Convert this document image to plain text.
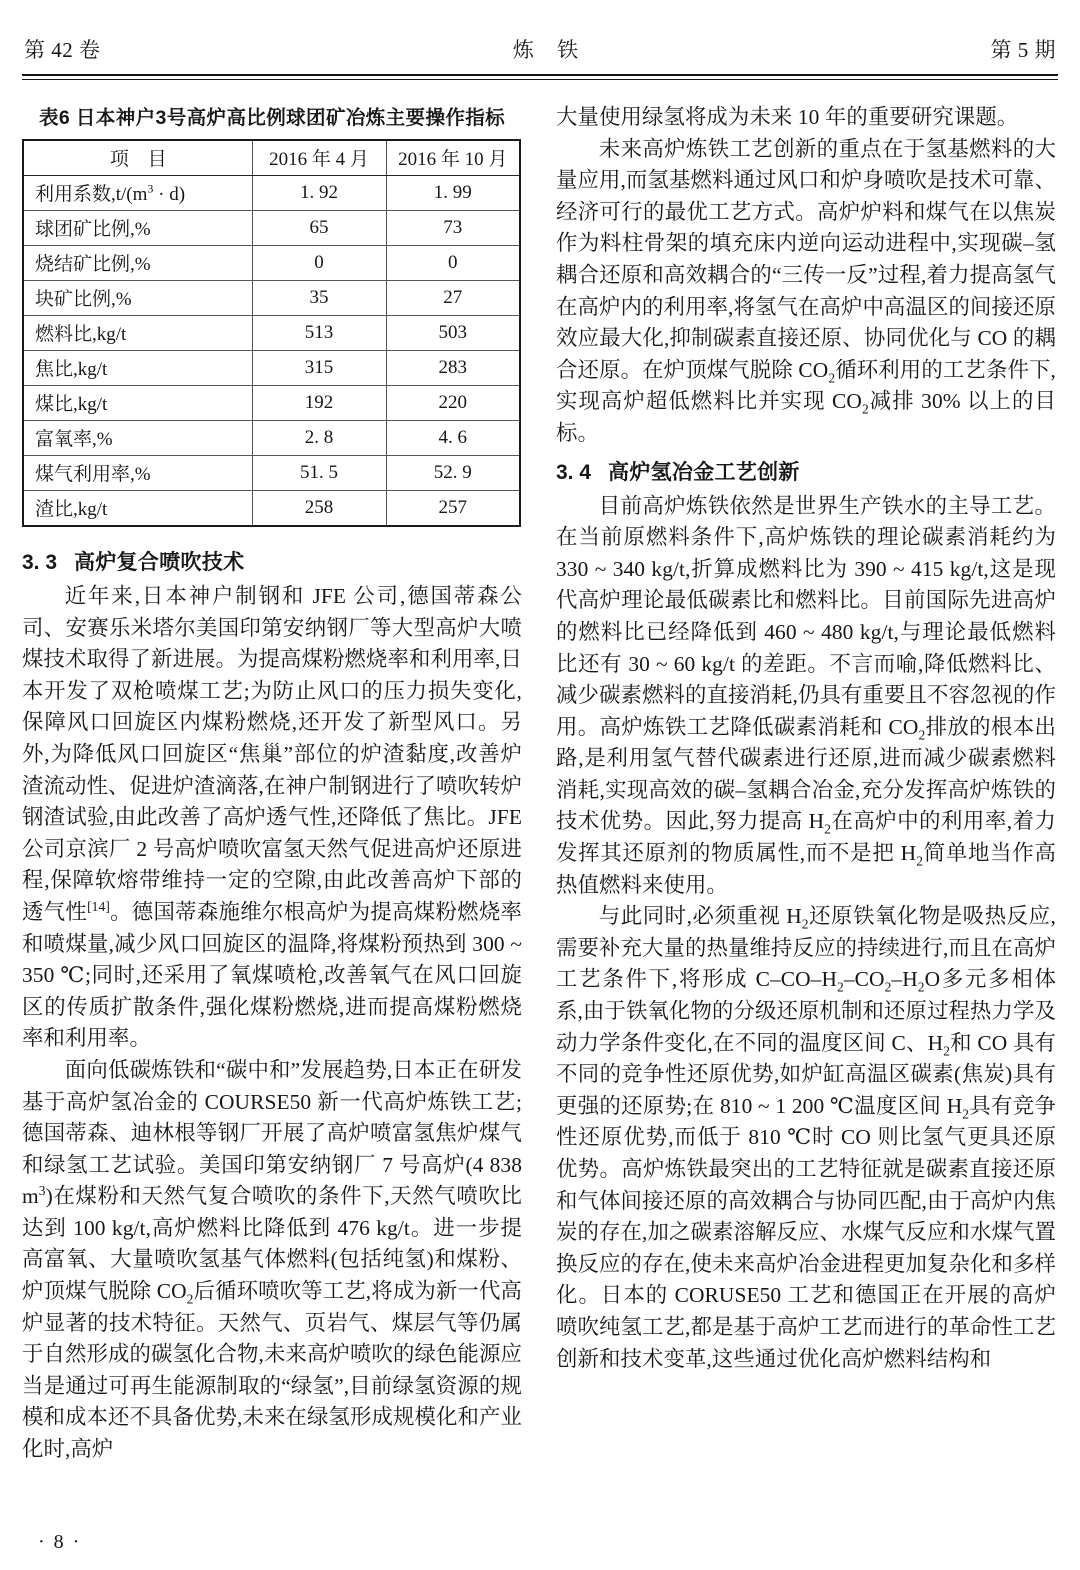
第 42 卷	炼 铁	第 5 期
表6 日本神户3号高炉高比例球团矿冶炼主要操作指标
项 目	2016 年 4 月	2016 年 10 月
利用系数$,t/(m^3 \cdot d)$	1. 92	1. 99
球团矿比例,%	65	73
烧结矿比例,%	0	0
块矿比例,%	35	27
燃料比,kg/t	513	503
焦比,kg/t	315	283
煤比,kg/t	192	220
富氧率,%	2. 8	4. 6
煤气利用率,%	51. 5	52. 9
渣比,kg/t	258	257
3. 3 高炉复合喷吹技术

近年来,日本神户制钢和 JFE 公司,德国蒂森公司、安赛乐米塔尔美国印第安纳钢厂等大型高炉大喷煤技术取得了新进展。为提高煤粉燃烧率和利用率,日本开发了双枪喷煤工艺;为防止风口的压力损失变化,保障风口回旋区内煤粉燃烧,还开发了新型风口。另外,为降低风口回旋区“焦巢”部位的炉渣黏度,改善炉渣流动性、促进炉渣滴落,在神户制钢进行了喷吹转炉钢渣试验,由此改善了高炉透气性,还降低了焦比。JFE 公司京滨厂 2 号高炉喷吹富氢天然气促进高炉还原进程,保障软熔带维持一定的空隙,由此改善高炉下部的透气性[14]。德国蒂森施维尔根高炉为提高煤粉燃烧率和喷煤量,减少风口回旋区的温降,将煤粉预热到 300 ~ 350 ℃;同时,还采用了氧煤喷枪,改善氧气在风口回旋区的传质扩散条件,强化煤粉燃烧,进而提高煤粉燃烧率和利用率。

面向低碳炼铁和“碳中和”发展趋势,日本正在研发基于高炉氢冶金的 COURSE50 新一代高炉炼铁工艺;德国蒂森、迪林根等钢厂开展了高炉喷富氢焦炉煤气和绿氢工艺试验。美国印第安纳钢厂 7 号高炉(4 838 $m^3$)在煤粉和天然气复合喷吹的条件下,天然气喷吹比达到 100 kg/t,高炉燃料比降低到 476 kg/t。进一步提高富氧、大量喷吹氢基气体燃料(包括纯氢)和煤粉、炉顶煤气脱除 $CO_2$后循环喷吹等工艺,将成为新一代高炉显著的技术特征。天然气、页岩气、煤层气等仍属于自然形成的碳氢化合物,未来高炉喷吹的绿色能源应当是通过可再生能源制取的“绿氢”,目前绿氢资源的规模和成本还不具备优势,未来在绿氢形成规模化和产业化时,高炉

大量使用绿氢将成为未来 10 年的重要研究课题。

未来高炉炼铁工艺创新的重点在于氢基燃料的大量应用,而氢基燃料通过风口和炉身喷吹是技术可靠、经济可行的最优工艺方式。高炉炉料和煤气在以焦炭作为料柱骨架的填充床内逆向运动进程中,实现碳–氢耦合还原和高效耦合的“三传一反”过程,着力提高氢气在高炉内的利用率,将氢气在高炉中高温区的间接还原效应最大化,抑制碳素直接还原、协同优化与 CO 的耦合还原。在炉顶煤气脱除 $CO_2$循环利用的工艺条件下,实现高炉超低燃料比并实现 $CO_2$减排 30% 以上的目标。

3. 4 高炉氢冶金工艺创新

目前高炉炼铁依然是世界生产铁水的主导工艺。在当前原燃料条件下,高炉炼铁的理论碳素消耗约为 330 ~ 340 kg/t,折算成燃料比为 390 ~ 415 kg/t,这是现代高炉理论最低碳素比和燃料比。目前国际先进高炉的燃料比已经降低到 460 ~ 480 kg/t,与理论最低燃料比还有 30 ~ 60 kg/t 的差距。不言而喻,降低燃料比、减少碳素燃料的直接消耗,仍具有重要且不容忽视的作用。高炉炼铁工艺降低碳素消耗和 $CO_2$排放的根本出路,是利用氢气替代碳素进行还原,进而减少碳素燃料消耗,实现高效的碳–氢耦合冶金,充分发挥高炉炼铁的技术优势。因此,努力提高 $H_2$在高炉中的利用率,着力发挥其还原剂的物质属性,而不是把 $H_2$简单地当作高热值燃料来使用。

与此同时,必须重视 $H_2$还原铁氧化物是吸热反应,需要补充大量的热量维持反应的持续进行,而且在高炉工艺条件下,将形成 $C-CO-H_2-CO_2-H_2O$多元多相体系,由于铁氧化物的分级还原机制和还原过程热力学及动力学条件变化,在不同的温度区间 C、$H_2$和 CO 具有不同的竞争性还原优势,如炉缸高温区碳素(焦炭)具有更强的还原势;在 810 ~ 1 200 ℃温度区间 $H_2$具有竞争性还原优势,而低于 810 ℃时 CO 则比氢气更具还原优势。高炉炼铁最突出的工艺特征就是碳素直接还原和气体间接还原的高效耦合与协同匹配,由于高炉内焦炭的存在,加之碳素溶解反应、水煤气反应和水煤气置换反应的存在,使未来高炉冶金进程更加复杂化和多样化。日本的 CORUSE50 工艺和德国正在开展的高炉喷吹纯氢工艺,都是基于高炉工艺而进行的革命性工艺创新和技术变革,这些通过优化高炉燃料结构和

· 8 ·
